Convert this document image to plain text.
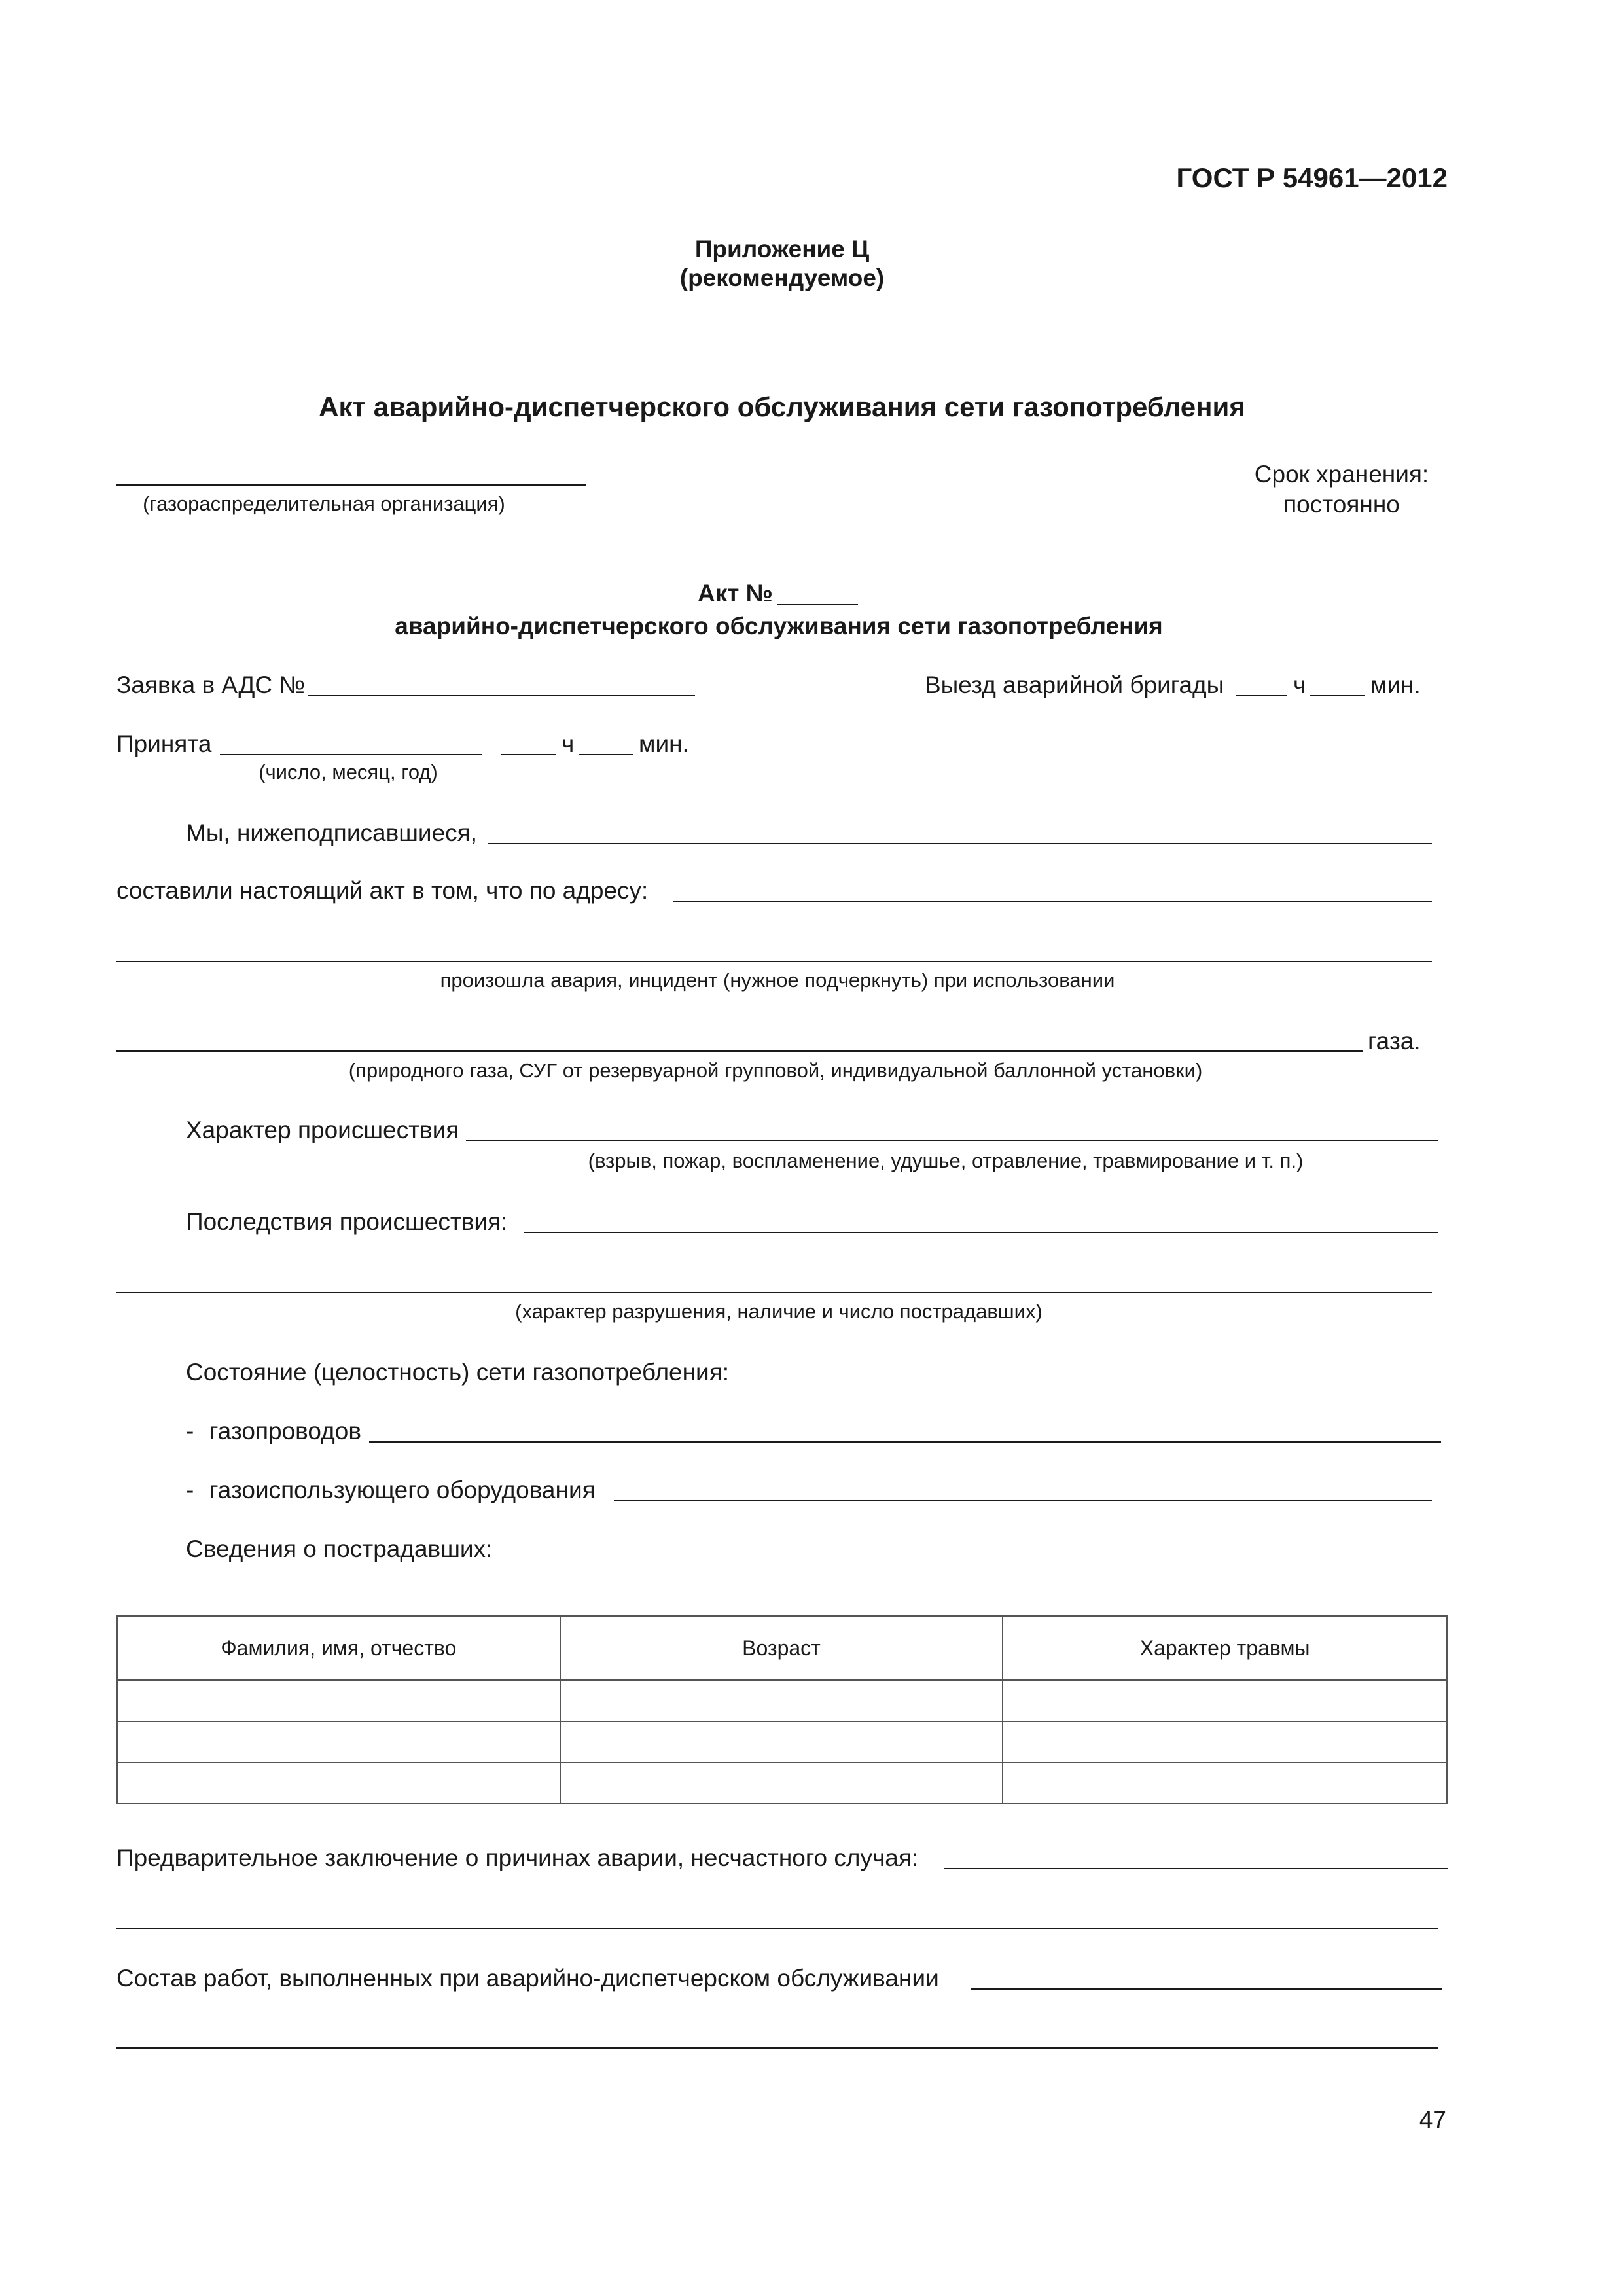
ГОСТ Р 54961—2012
Приложение Ц
(рекомендуемое)
Акт аварийно-диспетчерского обслуживания сети газопотребления
(газораспределительная организация)
Срок хранения:
постоянно
Акт №
аварийно-диспетчерского обслуживания сети газопотребления
Заявка в АДС №	Выезд аварийной бригады	ч	мин.
Принята
(число, месяц, год)
ч	мин.
Мы, нижеподписавшиеся,
составили настоящий акт в том, что по адресу:
произошла авария, инцидент (нужное подчеркнуть) при использовании
газа.
(природного газа, СУГ от резервуарной групповой, индивидуальной баллонной установки)
Характер происшествия
(взрыв, пожар, воспламенение, удушье, отравление, травмирование и т. п.)
Последствия происшествия:
(характер разрушения, наличие и число пострадавших)
Состояние (целостность) сети газопотребления:
- газопроводов
- газоиспользующего оборудования
Сведения о пострадавших:
Фамилия, имя, отчество	Возраст	Характер травмы

Предварительное заключение о причинах аварии, несчастного случая:
Состав работ, выполненных при аварийно-диспетчерском обслуживании
47
